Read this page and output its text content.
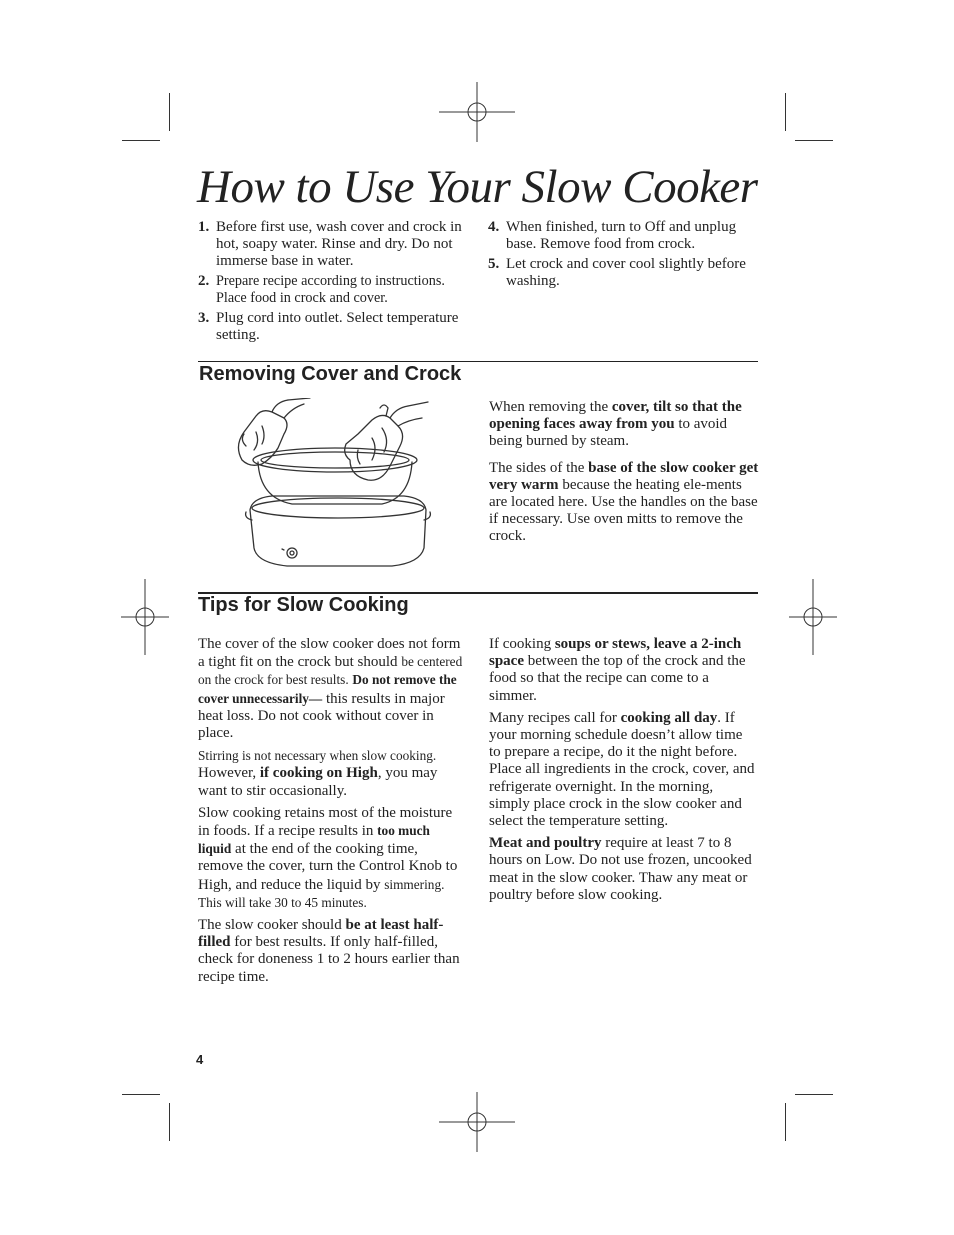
How to Use Your Slow Cooker
1. Before first use, wash cover and crock in hot, soapy water. Rinse and dry. Do not immerse base in water.
2. Prepare recipe according to instructions. Place food in crock and cover.
3. Plug cord into outlet. Select temperature setting.
4. When finished, turn to Off and unplug base. Remove food from crock.
5. Let crock and cover cool slightly before washing.
Removing Cover and Crock

When removing the cover, tilt so that the opening faces away from you to avoid being burned by steam.

The sides of the base of the slow cooker get very warm because the heating ele-ments are located here. Use the handles on the base if necessary. Use oven mitts to remove the crock.

Tips for Slow Cooking

The cover of the slow cooker does not form a tight fit on the crock but should be centered on the crock for best results. Do not remove the cover unnecessarily— this results in major heat loss. Do not cook without cover in place.

Stirring is not necessary when slow cooking. However, if cooking on High, you may want to stir occasionally.

Slow cooking retains most of the moisture in foods. If a recipe results in too much liquid at the end of the cooking time, remove the cover, turn the Control Knob to High, and reduce the liquid by simmering. This will take 30 to 45 minutes.

The slow cooker should be at least half-filled for best results. If only half-filled, check for doneness 1 to 2 hours earlier than recipe time.

If cooking soups or stews, leave a 2-inch space between the top of the crock and the food so that the recipe can come to a simmer.

Many recipes call for cooking all day. If your morning schedule doesn’t allow time to prepare a recipe, do it the night before. Place all ingredients in the crock, cover, and refrigerate overnight. In the morning, simply place crock in the slow cooker and select the temperature setting.

Meat and poultry require at least 7 to 8 hours on Low. Do not use frozen, uncooked meat in the slow cooker. Thaw any meat or poultry before slow cooking.

4
